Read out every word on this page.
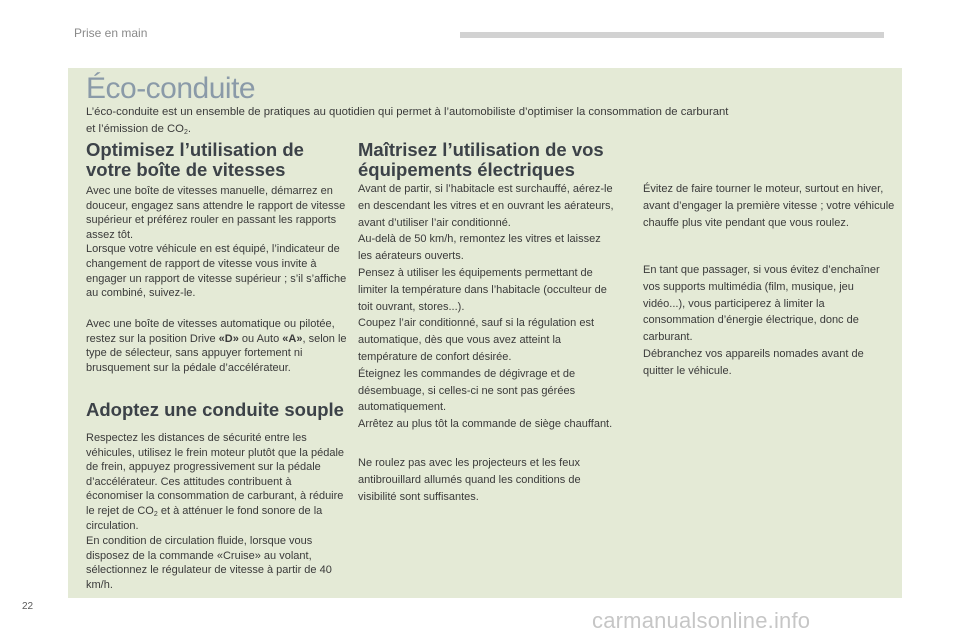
Prise en main
Éco-conduite
L’éco-conduite est un ensemble de pratiques au quotidien qui permet à l’automobiliste d’optimiser la consommation de carburant
et l’émission de $CO_2$.
Optimisez l’utilisation de
votre boîte de vitesses

Avec une boîte de vitesses manuelle, démarrez en douceur, engagez sans attendre le rapport de vitesse supérieur et préférez rouler en passant les rapports assez tôt.
Lorsque votre véhicule en est équipé, l’indicateur de changement de rapport de vitesse vous invite à engager un rapport de vitesse supérieur ; s’il s’affiche au combiné, suivez-le.

Avec une boîte de vitesses automatique ou pilotée, restez sur la position Drive «D» ou Auto «A», selon le type de sélecteur, sans appuyer fortement ni brusquement sur la pédale d’accélérateur.

Adoptez une conduite souple

Respectez les distances de sécurité entre les véhicules, utilisez le frein moteur plutôt que la pédale de frein, appuyez progressivement sur la pédale d’accélérateur. Ces attitudes contribuent à économiser la consommation de carburant, à réduire le rejet de $CO_2$ et à atténuer le fond sonore de la circulation.

En condition de circulation fluide, lorsque vous disposez de la commande «Cruise» au volant, sélectionnez le régulateur de vitesse à partir de 40 km/h.

Maîtrisez l’utilisation de vos
équipements électriques

Avant de partir, si l’habitacle est surchauffé, aérez-le en descendant les vitres et en ouvrant les aérateurs, avant d’utiliser l’air conditionné.
Au-delà de 50 km/h, remontez les vitres et laissez les aérateurs ouverts.
Pensez à utiliser les équipements permettant de limiter la température dans l’habitacle (occulteur de toit ouvrant, stores...).
Coupez l’air conditionné, sauf si la régulation est automatique, dès que vous avez atteint la température de confort désirée.
Éteignez les commandes de dégivrage et de désembuage, si celles-ci ne sont pas gérées automatiquement.
Arrêtez au plus tôt la commande de siège chauffant.

Ne roulez pas avec les projecteurs et les feux antibrouillard allumés quand les conditions de visibilité sont suffisantes.

Évitez de faire tourner le moteur, surtout en hiver, avant d’engager la première vitesse ; votre véhicule chauffe plus vite pendant que vous roulez.

En tant que passager, si vous évitez d’enchaîner vos supports multimédia (film, musique, jeu vidéo...), vous participerez à limiter la consommation d’énergie électrique, donc de carburant.
Débranchez vos appareils nomades avant de quitter le véhicule.

22
carmanualsonline.info
